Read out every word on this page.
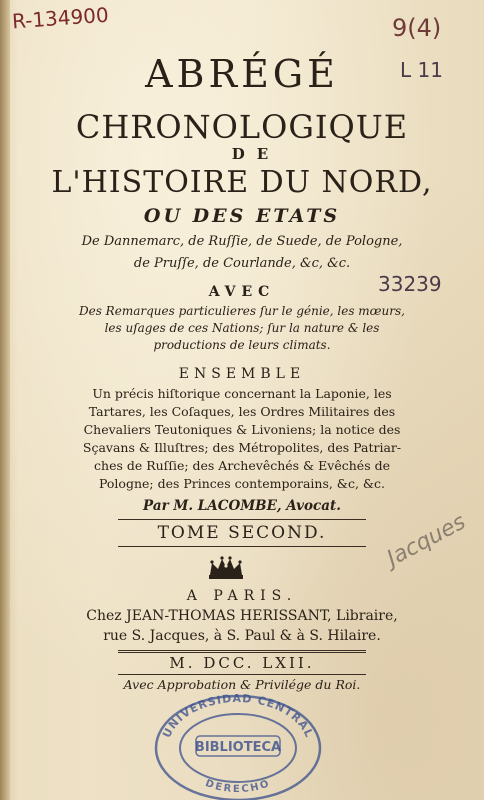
R-134900	9(4)
L 11
33239
Jacques
ABRÉGÉ
CHRONOLOGIQUE
DE
L'HISTOIRE DU NORD,
OU DES ETATS
De Dannemarc, de Ruſſie, de Suede, de Pologne,
de Pruſſe, de Courlande, &c, &c.
AVEC
Des Remarques particulieres ſur le génie, les mœurs,
les uſages de ces Nations; ſur la nature & les
productions de leurs climats.
ENSEMBLE
Un précis hiſtorique concernant la Laponie, les
Tartares, les Coſaques, les Ordres Militaires des
Chevaliers Teutoniques & Livoniens; la notice des
Sçavans & Illuſtres; des Métropolites, des Patriar-
ches de Ruſſie; des Archevêchés & Evêchés de
Pologne; des Princes contemporains, &c, &c.
Par M. LACOMBE, Avocat.
TOME SECOND.
A PARIS.
Chez JEAN-THOMAS HERISSANT, Libraire,
rue S. Jacques, à S. Paul & à S. Hilaire.
M. DCC. LXII.
Avec Approbation & Privilége du Roi.
UNIVERSIDAD CENTRAL
BIBLIOTECA
DERECHO
